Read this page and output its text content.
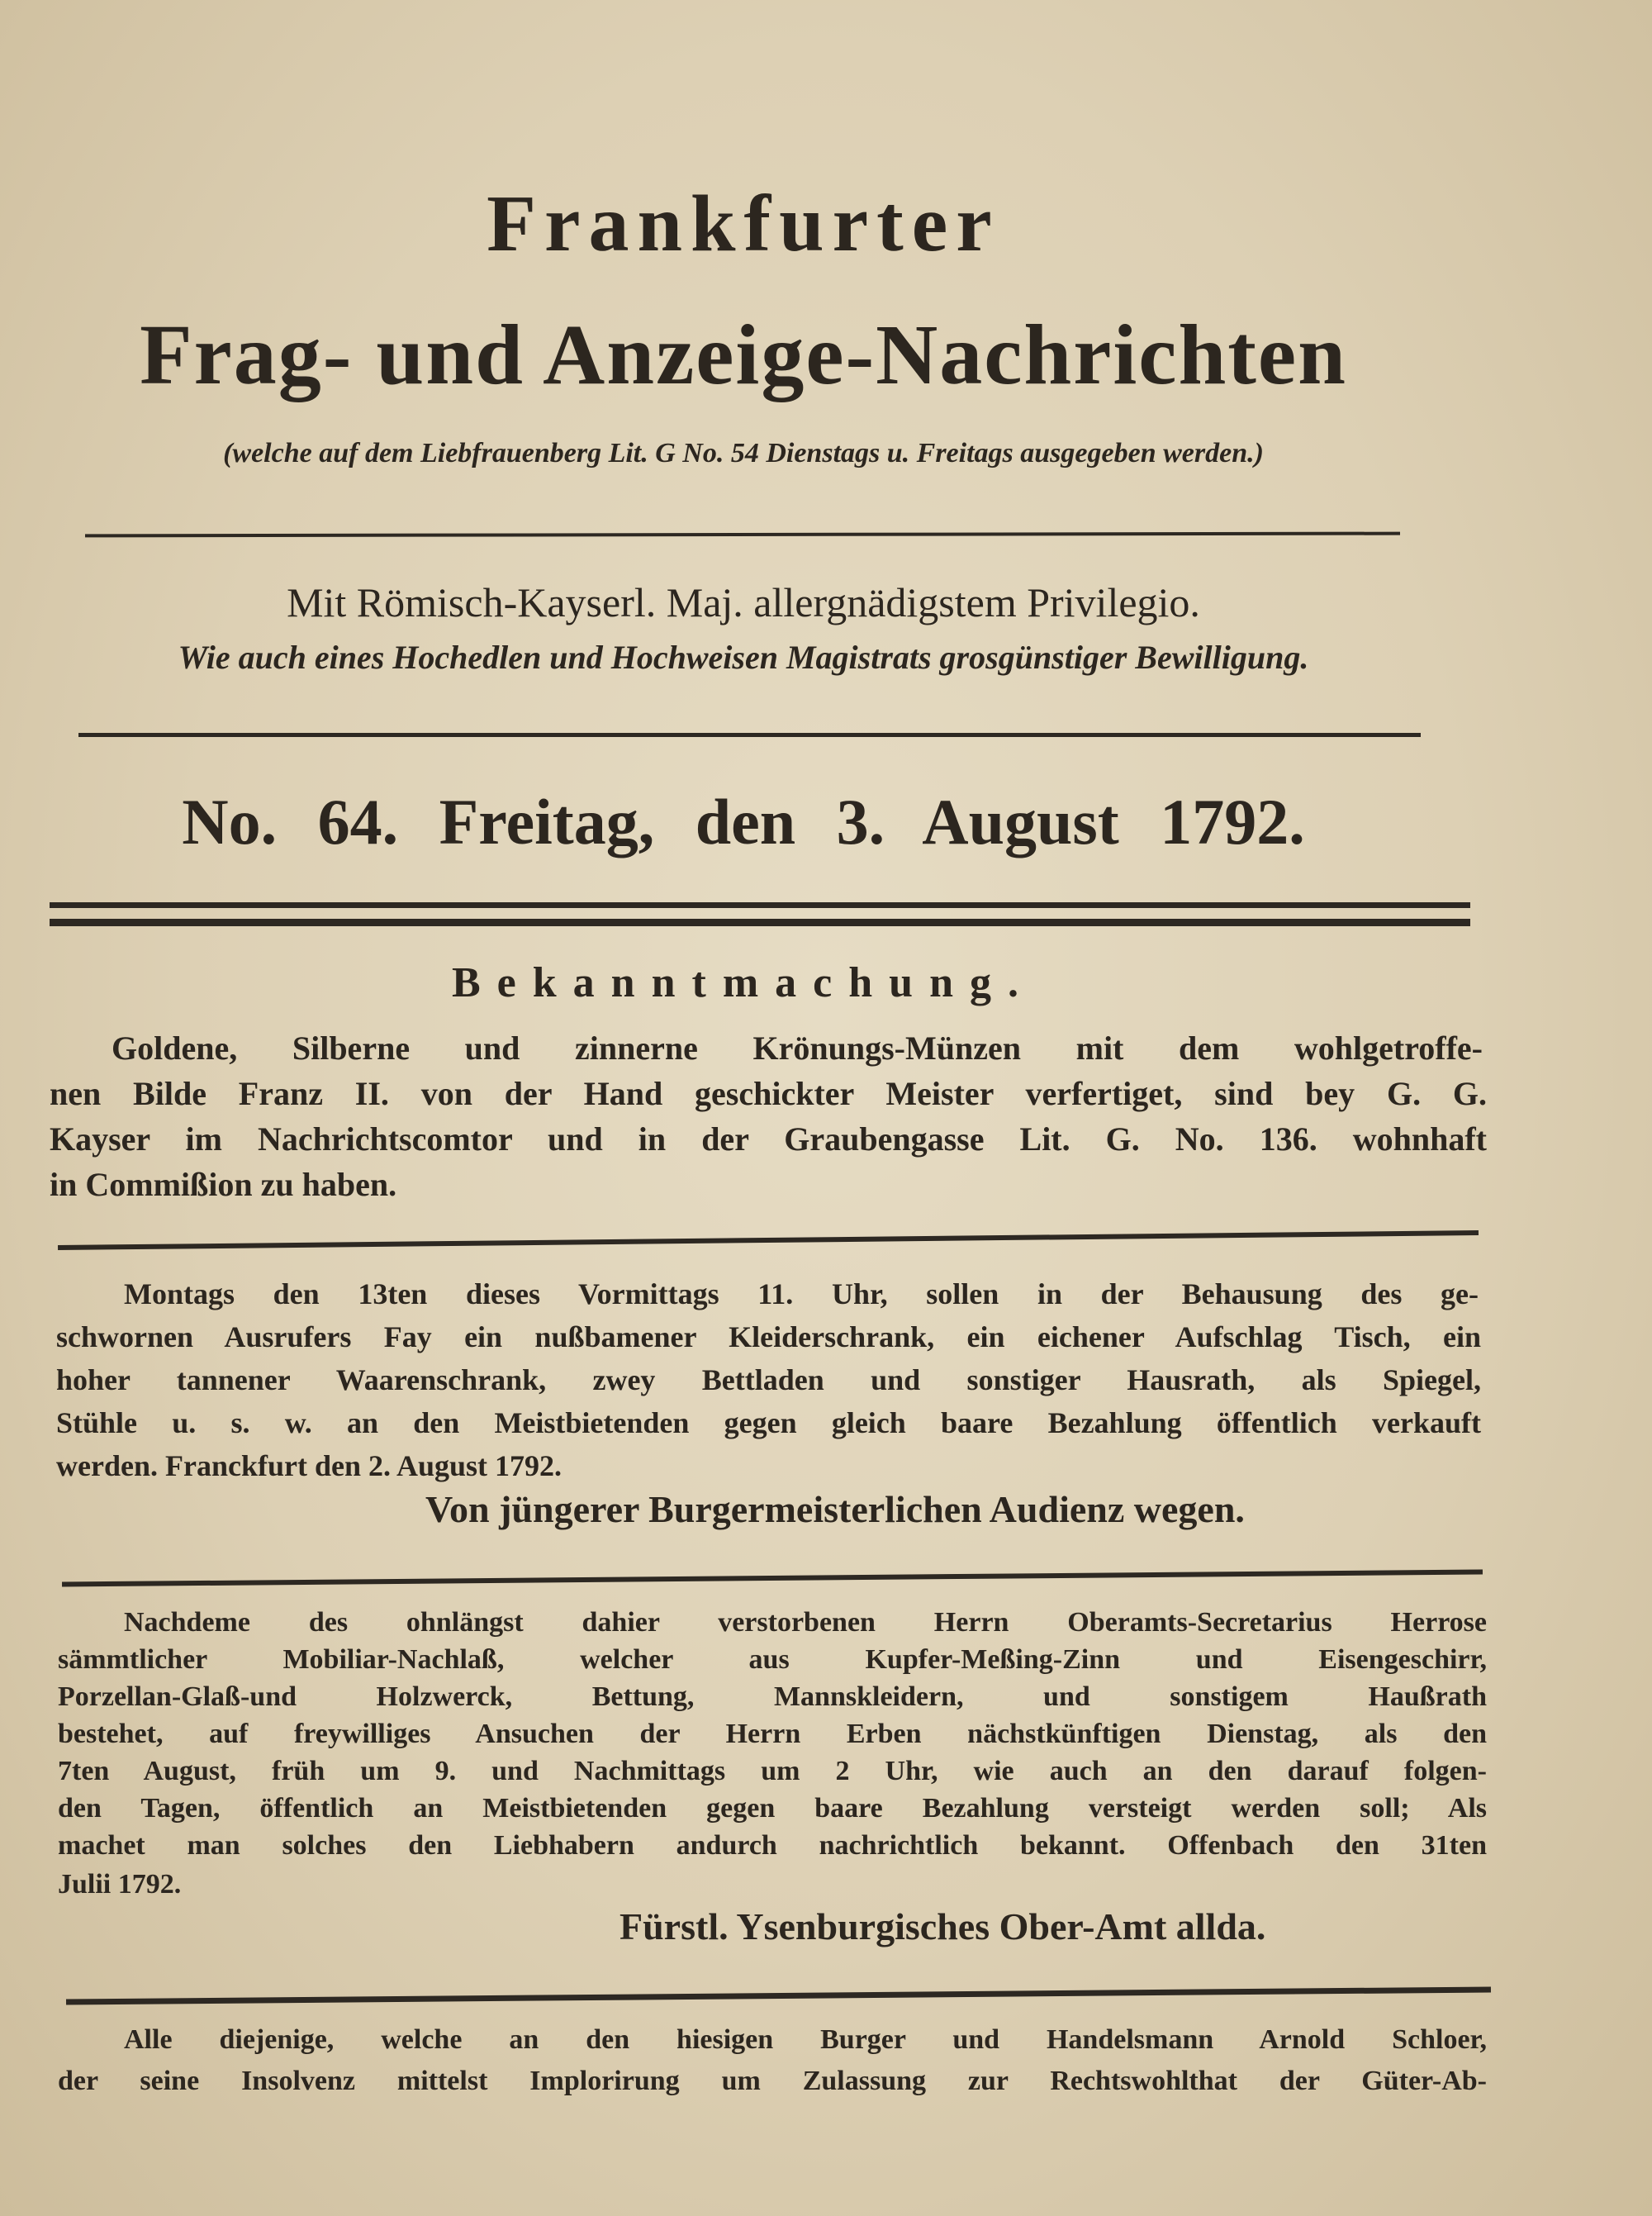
Frankfurter
Frag- und Anzeige-Nachrichten
(welche auf dem Liebfrauenberg Lit. G No. 54 Dienstags u. Freitags ausgegeben werden.)
Mit Römisch-Kayserl. Maj. allergnädigstem Privilegio.
Wie auch eines Hochedlen und Hochweisen Magistrats grosgünstiger Bewilligung.
No. 64. Freitag, den 3. August 1792.
Bekanntmachung.
Goldene, Silberne und zinnerne Krönungs-Münzen mit dem wohlgetroffe-
nen Bilde Franz II. von der Hand geschickter Meister verfertiget, sind bey G. G.
Kayser im Nachrichtscomtor und in der Graubengasse Lit. G. No. 136. wohnhaft
in Commißion zu haben.
Montags den 13ten dieses Vormittags 11. Uhr, sollen in der Behausung des ge-
schwornen Ausrufers Fay ein nußbamener Kleiderschrank, ein eichener Aufschlag Tisch, ein
hoher tannener Waarenschrank, zwey Bettladen und sonstiger Hausrath, als Spiegel,
Stühle u. s. w. an den Meistbietenden gegen gleich baare Bezahlung öffentlich verkauft
werden. Franckfurt den 2. August 1792.
Von jüngerer Burgermeisterlichen Audienz wegen.
Nachdeme des ohnlängst dahier verstorbenen Herrn Oberamts-Secretarius Herrose
sämmtlicher Mobiliar-Nachlaß, welcher aus Kupfer-Meßing-Zinn und Eisengeschirr,
Porzellan-Glaß-und Holzwerck, Bettung, Mannskleidern, und sonstigem Haußrath
bestehet, auf freywilliges Ansuchen der Herrn Erben nächstkünftigen Dienstag, als den
7ten August, früh um 9. und Nachmittags um 2 Uhr, wie auch an den darauf folgen-
den Tagen, öffentlich an Meistbietenden gegen baare Bezahlung versteigt werden soll; Als
machet man solches den Liebhabern andurch nachrichtlich bekannt. Offenbach den 31ten
Julii 1792.
Fürstl. Ysenburgisches Ober-Amt allda.
Alle diejenige, welche an den hiesigen Burger und Handelsmann Arnold Schloer,
der seine Insolvenz mittelst Implorirung um Zulassung zur Rechtswohlthat der Güter-Ab-
